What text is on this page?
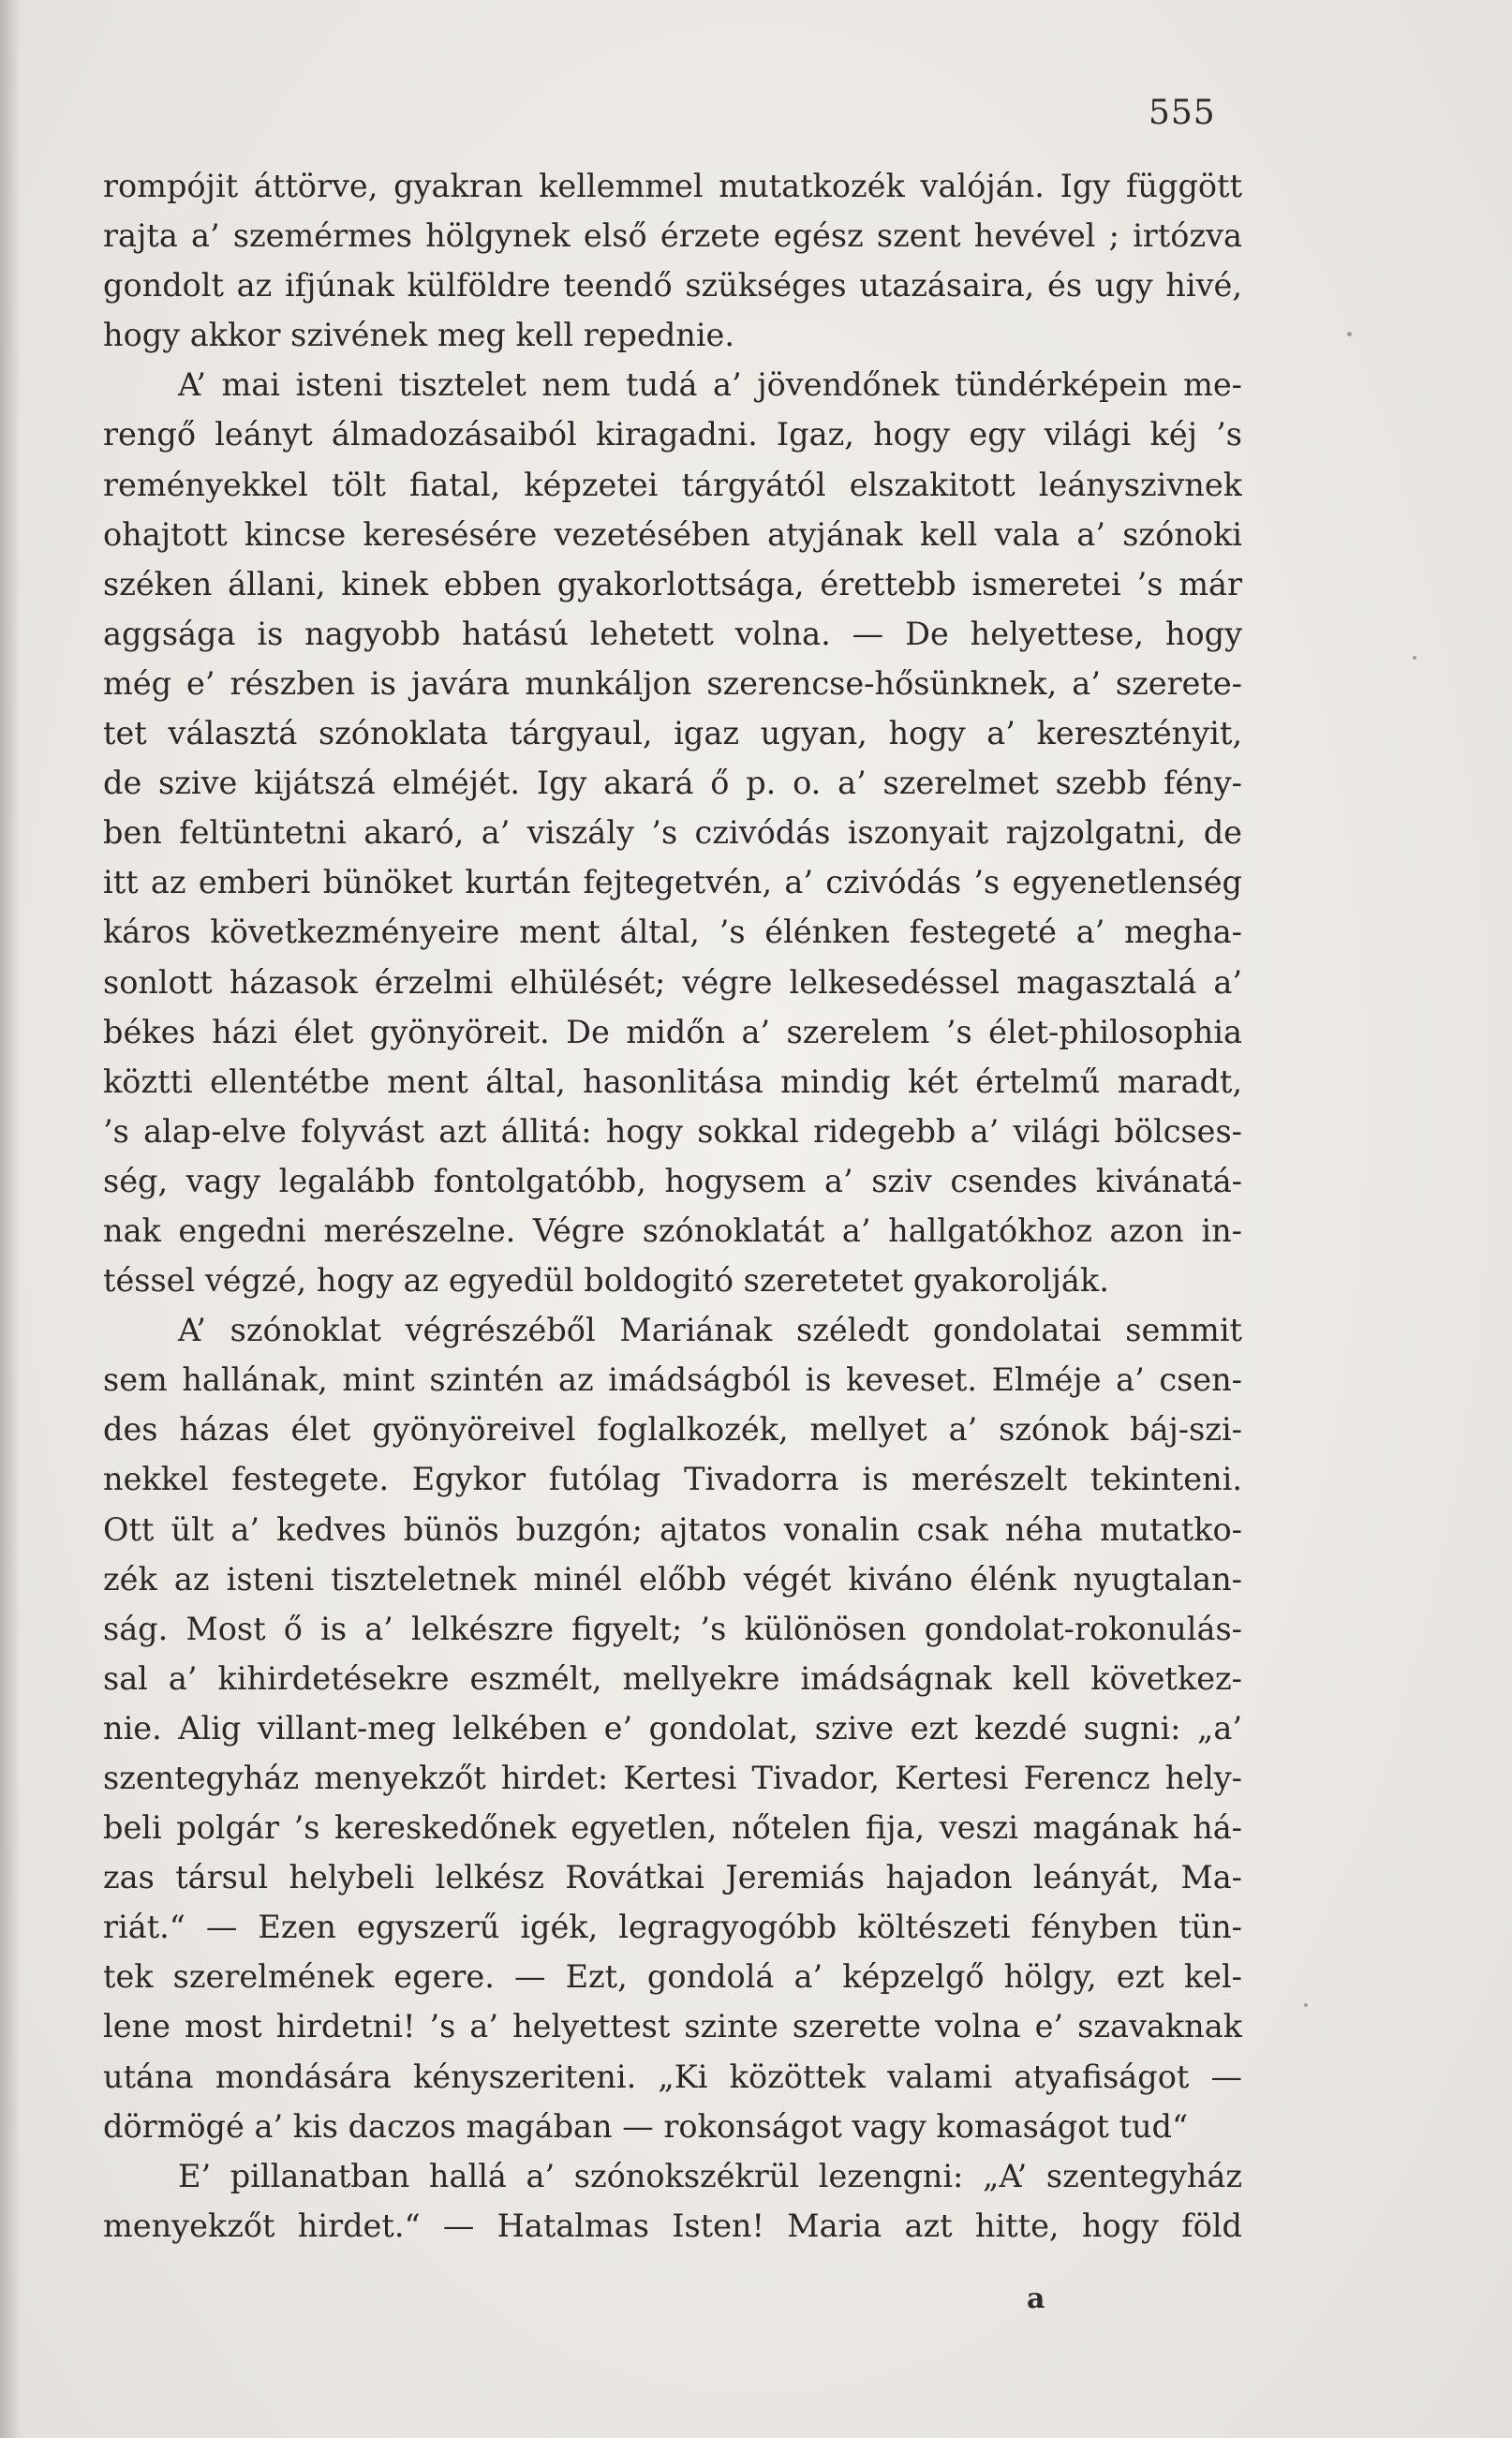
555
rompójit áttörve, gyakran kellemmel mutatkozék valóján. Igy függött
rajta a’ szemérmes hölgynek első érzete egész szent hevével ; irtózva
gondolt az ifjúnak külföldre teendő szükséges utazásaira, és ugy hivé,
hogy akkor szivének meg kell repednie.
A’ mai isteni tisztelet nem tudá a’ jövendőnek tündérképein me-
rengő leányt álmadozásaiból kiragadni. Igaz, hogy egy világi kéj ’s
reményekkel tölt fiatal, képzetei tárgyától elszakitott leányszivnek
ohajtott kincse keresésére vezetésében atyjának kell vala a’ szónoki
széken állani, kinek ebben gyakorlottsága, érettebb ismeretei ’s már
aggsága is nagyobb hatású lehetett volna. — De helyettese, hogy
még e’ részben is javára munkáljon szerencse-hősünknek, a’ szerete-
tet választá szónoklata tárgyaul, igaz ugyan, hogy a’ keresztényit,
de szive kijátszá elméjét. Igy akará ő p. o. a’ szerelmet szebb fény-
ben feltüntetni akaró, a’ viszály ’s czivódás iszonyait rajzolgatni, de
itt az emberi bünöket kurtán fejtegetvén, a’ czivódás ’s egyenetlenség
káros következményeire ment által, ’s élénken festegeté a’ megha-
sonlott házasok érzelmi elhülését; végre lelkesedéssel magasztalá a’
békes házi élet gyönyöreit. De midőn a’ szerelem ’s élet-philosophia
köztti ellentétbe ment által, hasonlitása mindig két értelmű maradt,
’s alap-elve folyvást azt állitá: hogy sokkal ridegebb a’ világi bölcses-
ség, vagy legalább fontolgatóbb, hogysem a’ sziv csendes kivánatá-
nak engedni merészelne. Végre szónoklatát a’ hallgatókhoz azon in-
téssel végzé, hogy az egyedül boldogitó szeretetet gyakorolják.
A’ szónoklat végrészéből Mariának széledt gondolatai semmit
sem hallának, mint szintén az imádságból is keveset. Elméje a’ csen-
des házas élet gyönyöreivel foglalkozék, mellyet a’ szónok báj-szi-
nekkel festegete. Egykor futólag Tivadorra is merészelt tekinteni.
Ott ült a’ kedves bünös buzgón; ajtatos vonalin csak néha mutatko-
zék az isteni tiszteletnek minél előbb végét kiváno élénk nyugtalan-
ság. Most ő is a’ lelkészre figyelt; ’s különösen gondolat-rokonulás-
sal a’ kihirdetésekre eszmélt, mellyekre imádságnak kell következ-
nie. Alig villant-meg lelkében e’ gondolat, szive ezt kezdé sugni: „a’
szentegyház menyekzőt hirdet: Kertesi Tivador, Kertesi Ferencz hely-
beli polgár ’s kereskedőnek egyetlen, nőtelen fija, veszi magának há-
zas társul helybeli lelkész Rovátkai Jeremiás hajadon leányát, Ma-
riát.“ — Ezen egyszerű igék, legragyogóbb költészeti fényben tün-
tek szerelmének egere. — Ezt, gondolá a’ képzelgő hölgy, ezt kel-
lene most hirdetni! ’s a’ helyettest szinte szerette volna e’ szavaknak
utána mondására kényszeriteni. „Ki közöttek valami atyafiságot —
dörmögé a’ kis daczos magában — rokonságot vagy komaságot tud“
E’ pillanatban hallá a’ szónokszékrül lezengni: „A’ szentegyház
menyekzőt hirdet.“ — Hatalmas Isten! Maria azt hitte, hogy föld
a
